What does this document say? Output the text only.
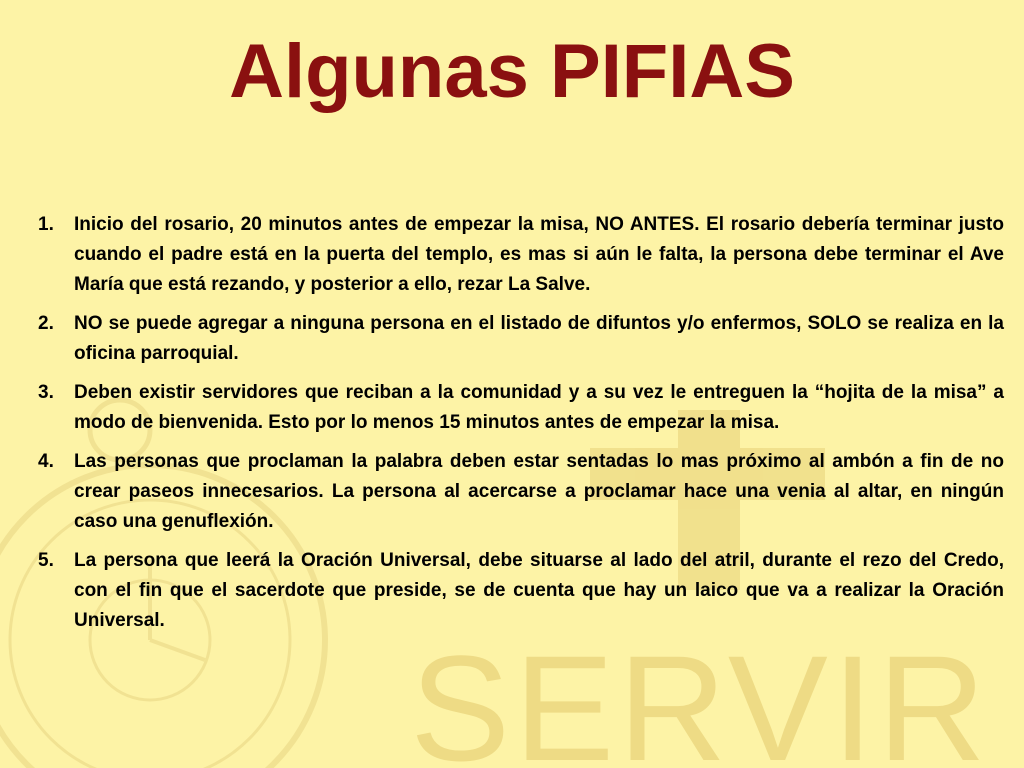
SERVIR
Algunas PIFIAS
1. Inicio del rosario, 20 minutos antes de empezar la misa, NO ANTES. El rosario debería terminar justo cuando el padre está en la puerta del templo, es mas si aún le falta, la persona debe terminar el Ave María que está rezando, y posterior a ello, rezar La Salve.
2. NO se puede agregar a ninguna persona en el listado de difuntos y/o enfermos, SOLO se realiza en la oficina parroquial.
3. Deben existir servidores que reciban a la comunidad y a su vez le entreguen la “hojita de la misa” a modo de bienvenida. Esto por lo menos 15 minutos antes de empezar la misa.
4. Las personas que proclaman la palabra deben estar sentadas lo mas próximo al ambón a fin de no crear paseos innecesarios. La persona al acercarse a proclamar hace una venia al altar, en ningún caso una genuflexión.
5. La persona que leerá la Oración Universal, debe situarse al lado del atril, durante el rezo del Credo, con el fin que el sacerdote que preside, se de cuenta que hay un laico que va a realizar la Oración Universal.
